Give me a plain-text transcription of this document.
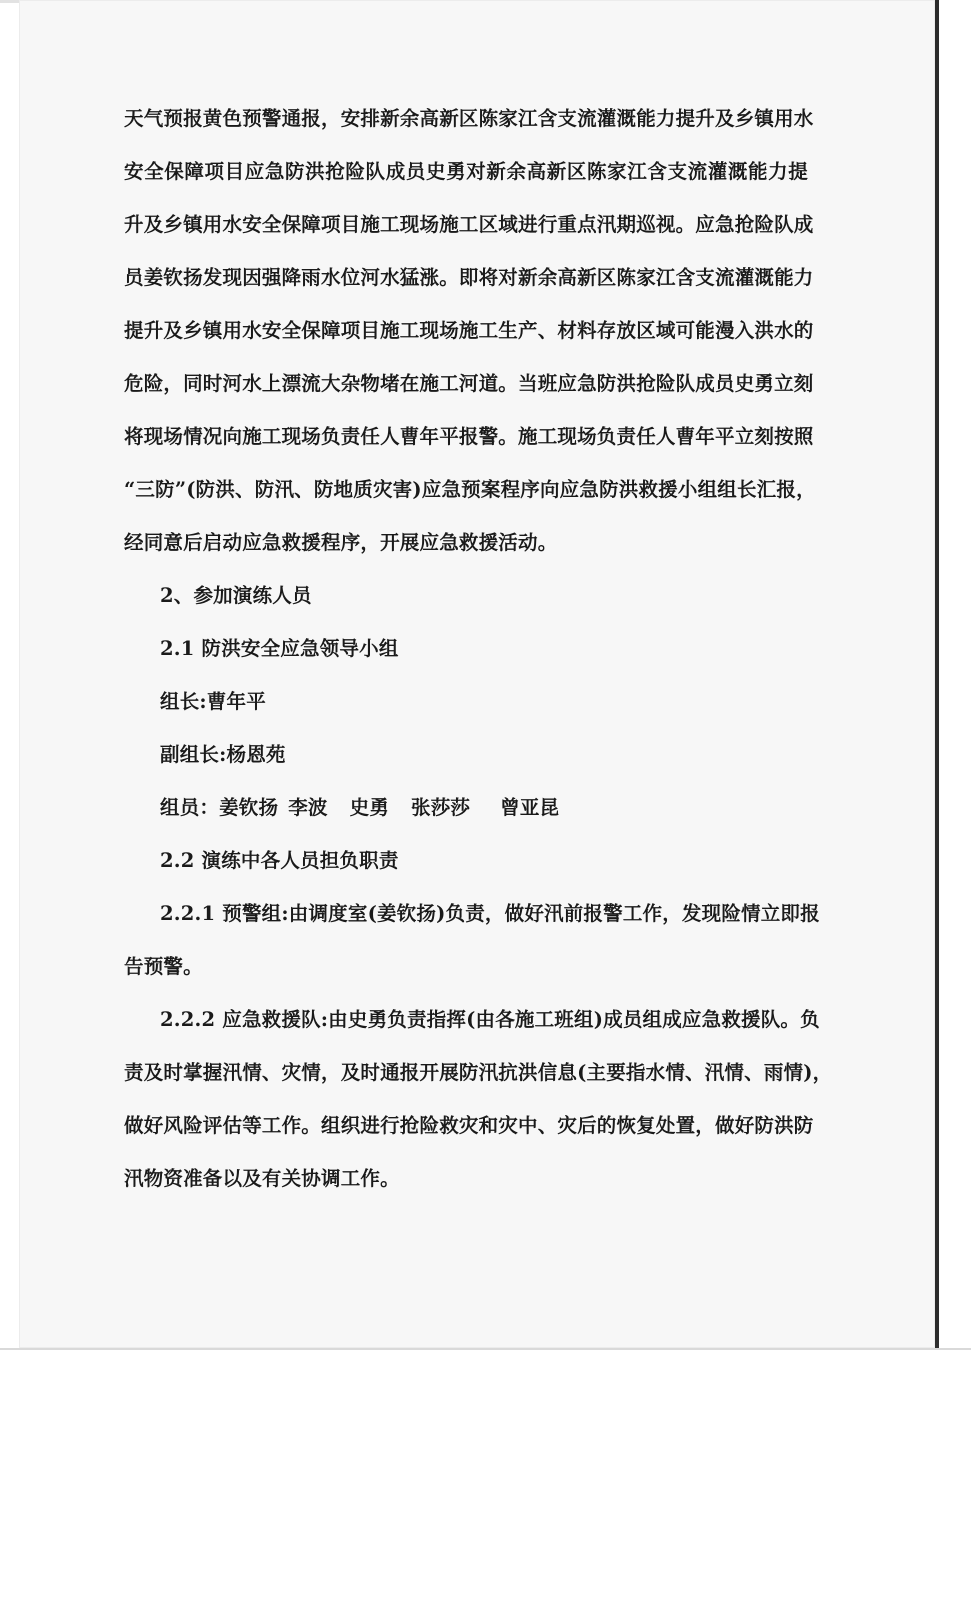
天气预报黄色预警通报，安排新余高新区陈家江含支流灌溉能力提升及乡镇用水
安全保障项目应急防洪抢险队成员史勇对新余高新区陈家江含支流灌溉能力提
升及乡镇用水安全保障项目施工现场施工区域进行重点汛期巡视。应急抢险队成
员姜钦扬发现因强降雨水位河水猛涨。即将对新余高新区陈家江含支流灌溉能力
提升及乡镇用水安全保障项目施工现场施工生产、材料存放区域可能漫入洪水的
危险，同时河水上漂流大杂物堵在施工河道。当班应急防洪抢险队成员史勇立刻
将现场情况向施工现场负责任人曹年平报警。施工现场负责任人曹年平立刻按照
“三防”(防洪、防汛、防地质灾害)应急预案程序向应急防洪救援小组组长汇报，
经同意后启动应急救援程序，开展应急救援活动。
2、参加演练人员
2.1 防洪安全应急领导小组
组长:曹年平
副组长:杨恩苑
组员：姜钦扬 李波 史勇 张莎莎 曾亚昆
2.2 演练中各人员担负职责
2.2.1 预警组:由调度室(姜钦扬)负责，做好汛前报警工作，发现险情立即报
告预警。
2.2.2 应急救援队:由史勇负责指挥(由各施工班组)成员组成应急救援队。负
责及时掌握汛情、灾情，及时通报开展防汛抗洪信息(主要指水情、汛情、雨情)，
做好风险评估等工作。组织进行抢险救灾和灾中、灾后的恢复处置，做好防洪防
汛物资准备以及有关协调工作。
